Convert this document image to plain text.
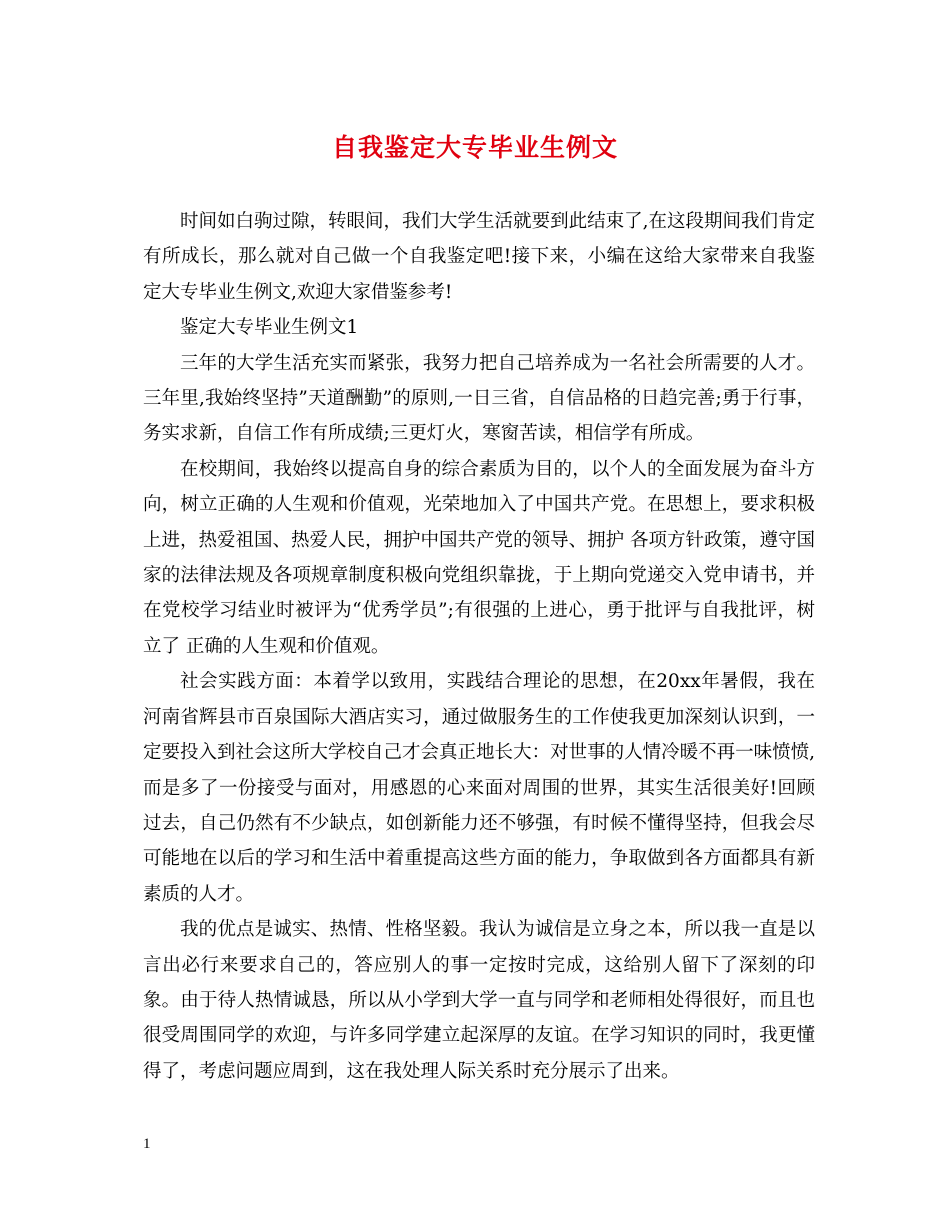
自我鉴定大专毕业生例文

时间如白驹过隙，转眼间，我们大学生活就要到此结束了,在这段期间我们肯定有所成长，那么就对自己做一个自我鉴定吧!接下来，小编在这给大家带来自我鉴定大专毕业生例文,欢迎大家借鉴参考!

鉴定大专毕业生例文1

三年的大学生活充实而紧张，我努力把自己培养成为一名社会所需要的人才。三年里,我始终坚持”天道酬勤”的原则,一日三省，自信品格的日趋完善;勇于行事，务实求新，自信工作有所成绩;三更灯火，寒窗苦读，相信学有所成。

在校期间，我始终以提高自身的综合素质为目的，以个人的全面发展为奋斗方向，树立正确的人生观和价值观，光荣地加入了中国共产党。在思想上，要求积极上进，热爱祖国、热爱人民，拥护中国共产党的领导、拥护 各项方针政策，遵守国家的法律法规及各项规章制度积极向党组织靠拢，于上期向党递交入党申请书，并在党校学习结业时被评为“优秀学员”;有很强的上进心，勇于批评与自我批评，树立了 正确的人生观和价值观。

社会实践方面：本着学以致用，实践结合理论的思想，在20xx年暑假，我在河南省辉县市百泉国际大酒店实习，通过做服务生的工作使我更加深刻认识到，一定要投入到社会这所大学校自己才会真正地长大：对世事的人情冷暖不再一味愤愤,而是多了一份接受与面对，用感恩的心来面对周围的世界，其实生活很美好!回顾过去，自己仍然有不少缺点，如创新能力还不够强，有时候不懂得坚持，但我会尽可能地在以后的学习和生活中着重提高这些方面的能力，争取做到各方面都具有新素质的人才。

我的优点是诚实、热情、性格坚毅。我认为诚信是立身之本，所以我一直是以言出必行来要求自己的，答应别人的事一定按时完成，这给别人留下了深刻的印象。由于待人热情诚恳，所以从小学到大学一直与同学和老师相处得很好，而且也很受周围同学的欢迎，与许多同学建立起深厚的友谊。在学习知识的同时，我更懂得了，考虑问题应周到，这在我处理人际关系时充分展示了出来。

1
